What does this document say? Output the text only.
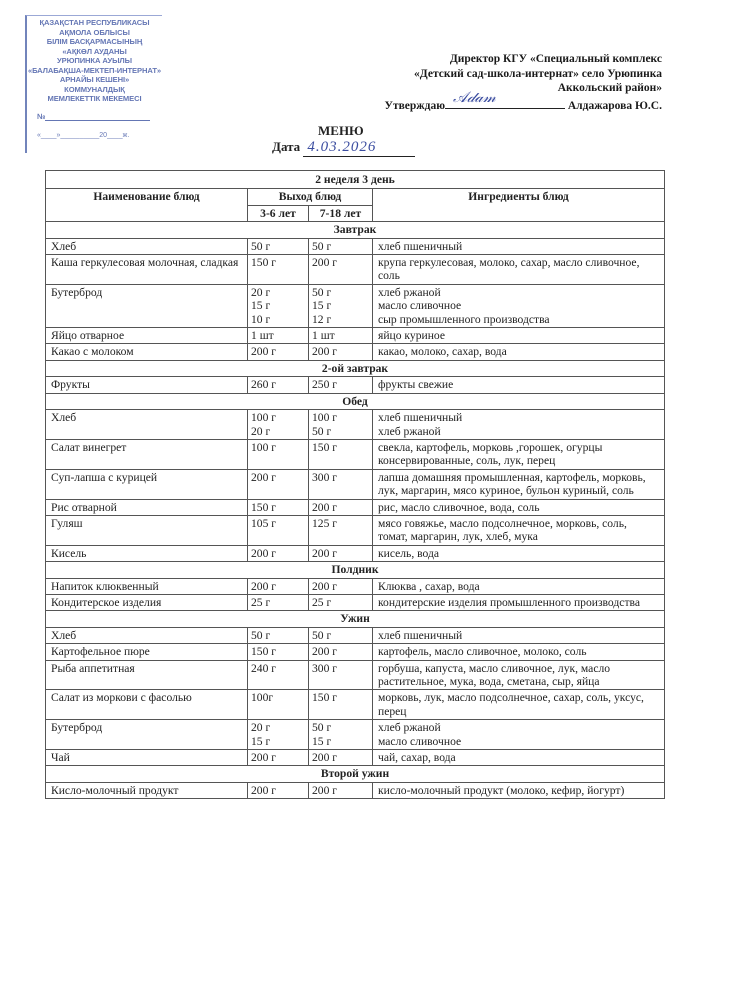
ҚАЗАҚСТАН РЕСПУБЛИКАСЫ
АҚМОЛА ОБЛЫСЫ
БІЛІМ БАСҚАРМАСЫНЫҢ
«АҚКӨЛ АУДАНЫ
УРЮПИНКА АУЫЛЫ
«БАЛАБАҚША-МЕКТЕП-ИНТЕРНАТ»
АРНАЙЫ КЕШЕНІ»
КОММУНАЛДЫҚ
МЕМЛЕКЕТТІК МЕКЕМЕСІ
№
«____»__________20____ж.
Директор КГУ «Специальный комплекс
«Детский сад-школа-интернат» село Урюпинка
Аккольский район»
Утверждаю 𝒜𝒹𝒶𝓂	Алдажарова Ю.С.
МЕНЮ
Дата 4.03.2026
2 неделя 3 день			
Наименование блюд	Выход блюд		Ингредиенты блюд
	3-6 лет	7-18 лет	
Завтрак			
Хлеб	50 г	50 г	хлеб пшеничный

Каша геркулесовая молочная, сладкая	150 г	200 г	крупа геркулесовая, молоко, сахар, масло сливочное, соль

Бутерброд	20 г
15 г
10 г	50 г
15 г
12 г	хлеб ржаной
масло сливочное
сыр промышленного производства

Яйцо отварное	1 шт	1 шт	яйцо куриное

Какао с молоком	200 г	200 г	какао, молоко, сахар, вода

2-ой завтрак			
Фрукты	260 г	250 г	фрукты свежие

Обед			
Хлеб	100 г
20 г	100 г
50 г	хлеб пшеничный
хлеб ржаной

Салат винегрет	100 г	150 г	свекла, картофель, морковь ,горошек, огурцы консервированные, соль, лук, перец

Суп-лапша с курицей	200 г	300 г	лапша домашняя промышленная, картофель, морковь, лук, маргарин, мясо куриное, бульон куриный, соль

Рис отварной	150 г	200 г	рис, масло сливочное, вода, соль

Гуляш	105 г	125 г	мясо говяжье, масло подсолнечное, морковь, соль, томат, маргарин, лук, хлеб, мука

Кисель	200 г	200 г	кисель, вода

Полдник			
Напиток клюквенный	200 г	200 г	Клюква , сахар, вода

Кондитерское изделия	25 г	25 г	кондитерские изделия промышленного производства

Ужин			
Хлеб	50 г	50 г	хлеб пшеничный

Картофельное пюре	150 г	200 г	картофель, масло сливочное, молоко, соль

Рыба аппетитная	240 г	300 г	горбуша, капуста, масло сливочное, лук, масло растительное, мука, вода, сметана, сыр, яйца

Салат из моркови с фасолью	100г	150 г	морковь, лук, масло подсолнечное, сахар, соль, уксус, перец

Бутерброд	20 г
15 г	50 г
15 г	хлеб ржаной
масло сливочное

Чай	200 г	200 г	чай, сахар, вода

Второй ужин			
Кисло-молочный продукт	200 г	200 г	кисло-молочный продукт (молоко, кефир, йогурт)
